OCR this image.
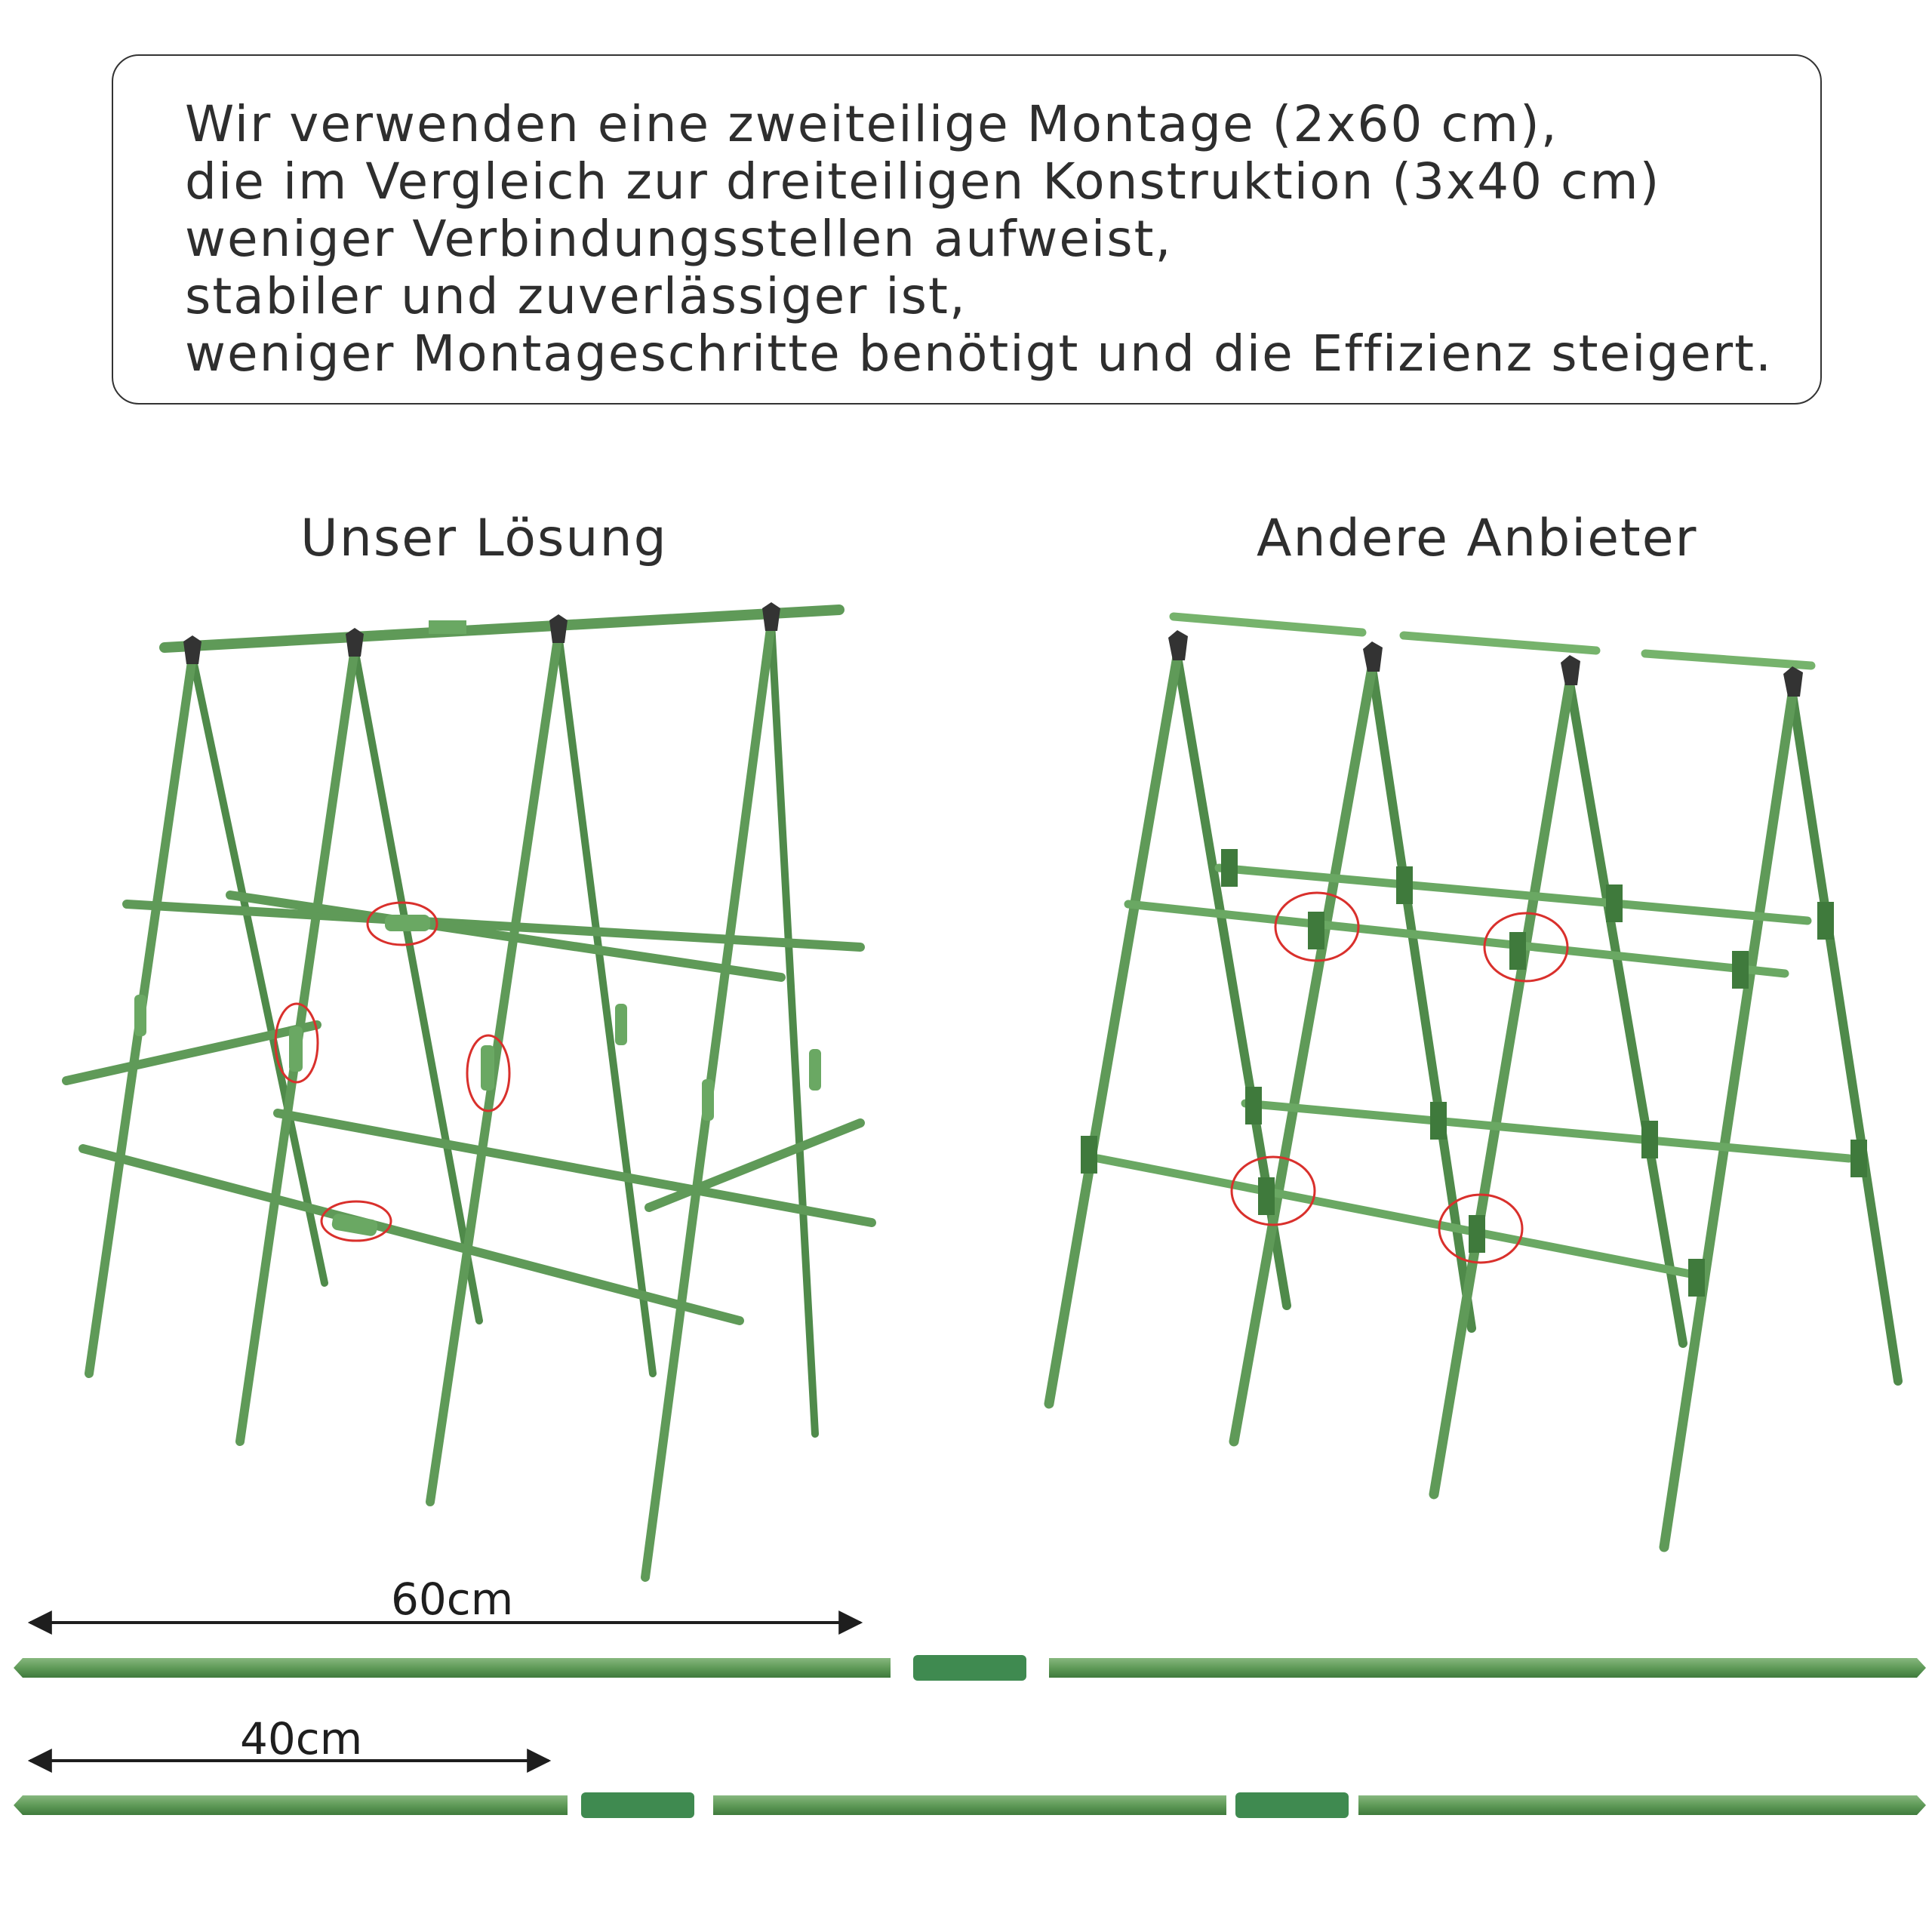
Wir verwenden eine zweiteilige Montage (2x60 cm),
die im Vergleich zur dreiteiligen Konstruktion (3x40 cm)
weniger Verbindungsstellen aufweist,
stabiler und zuverlässiger ist,
weniger Montageschritte benötigt und die Effizienz steigert.
Unser Lösung	Andere Anbieter
60cm
40cm
